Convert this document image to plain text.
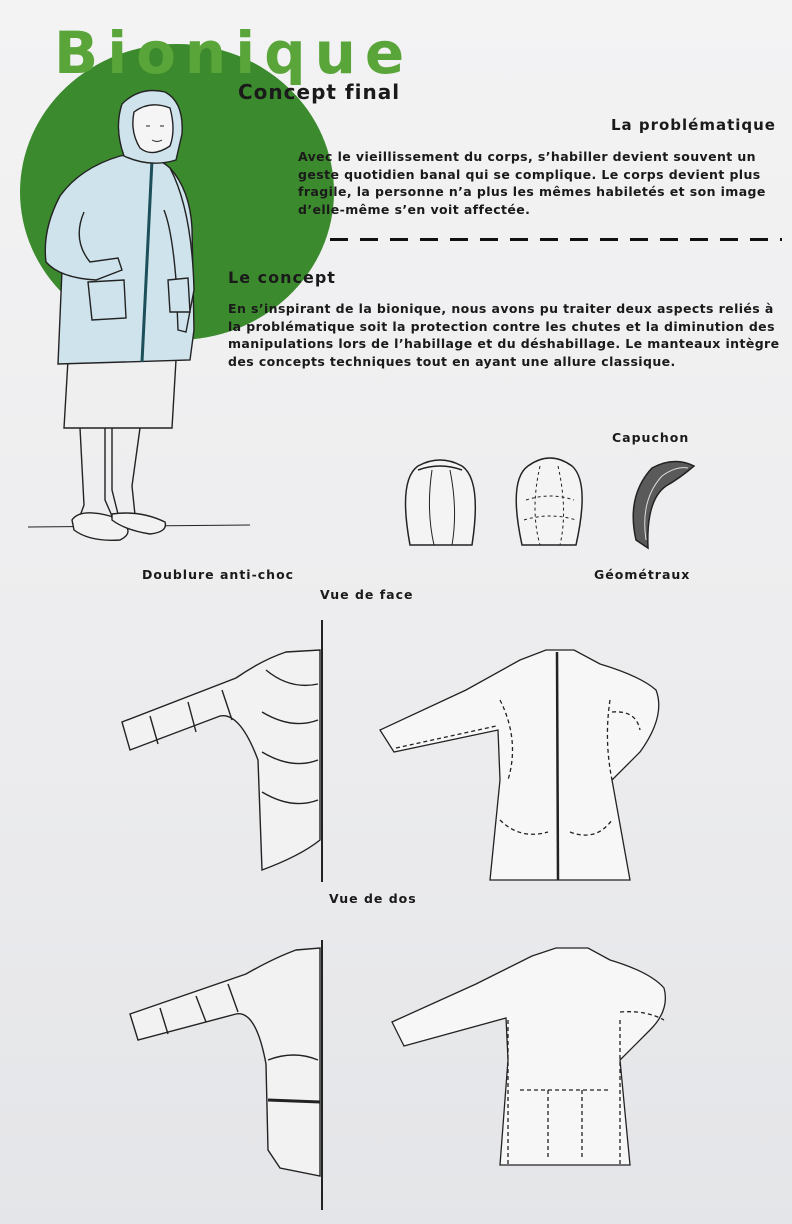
Bionique
Concept final
La problématique
Avec le vieillissement du corps, s’habiller devient souvent un geste quotidien banal qui se complique. Le corps devient plus fragile, la personne n’a plus les mêmes habiletés et son image d’elle-même s’en voit affectée.
Le concept
En s’inspirant de la bionique, nous avons pu traiter deux aspects reliés à la problématique soit la protection contre les chutes et la diminution des manipulations lors de l’habillage et du déshabillage. Le manteaux intègre des concepts techniques tout en ayant une allure classique.
Capuchon
Doublure anti-choc	Géométraux
Vue de face
Vue de dos
